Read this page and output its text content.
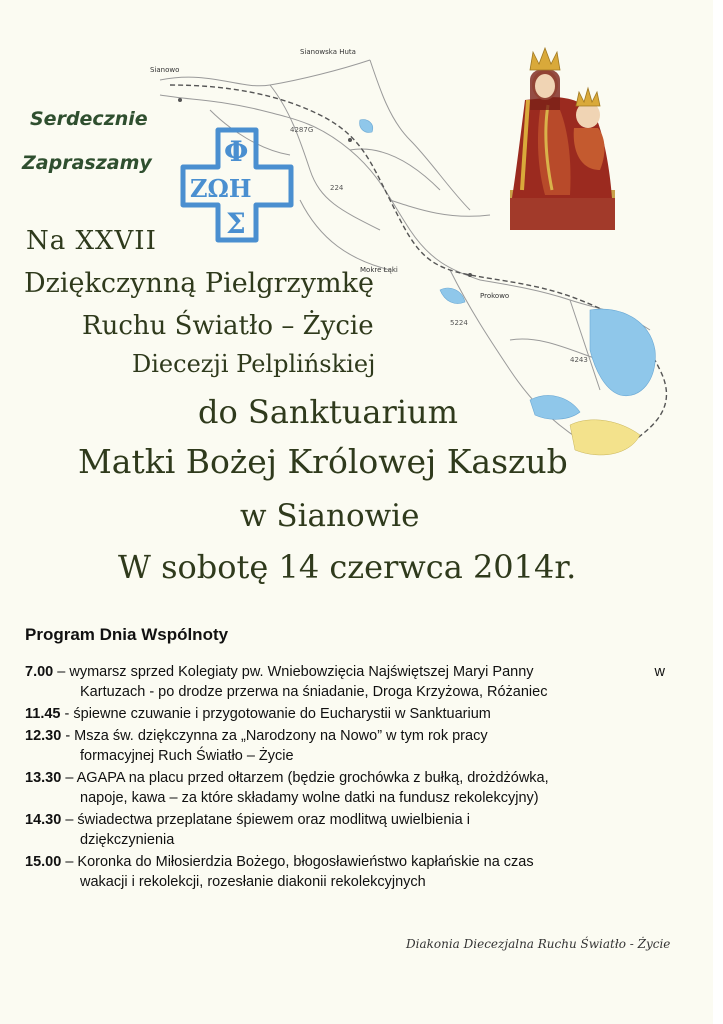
Sianowska Huta
Sianowo
Mokre Łąki
Prokowo
4287G
5224
224
4243
Serdecznie
Zapraszamy	Φ
ΖΩΗ
Σ
Na XXVII
Dziękczynną Pielgrzymkę
Ruchu Światło – Życie
Diecezji Pelplińskiej
do Sanktuarium
Matki Bożej Królowej Kaszub
w Sianowie
W sobotę 14 czerwca 2014r.
Program Dnia Wspólnoty
7.00 – wymarsz sprzed Kolegiaty pw. Wniebowzięcia Najświętszej Maryi Panny	w
Kartuzach - po drodze przerwa na śniadanie, Droga Krzyżowa, Różaniec
11.45 - śpiewne czuwanie i przygotowanie do Eucharystii w Sanktuarium
12.30 - Msza św. dziękczynna za „Narodzony na Nowo” w tym rok pracy
formacyjnej Ruch Światło – Życie
13.30 – AGAPA na placu przed ołtarzem (będzie grochówka z bułką, drożdżówka,
napoje, kawa – za które składamy wolne datki na fundusz rekolekcyjny)
14.30 – świadectwa przeplatane śpiewem oraz modlitwą uwielbienia i
dziękczynienia
15.00 – Koronka do Miłosierdzia Bożego, błogosławieństwo kapłańskie na czas
wakacji i rekolekcji, rozesłanie diakonii rekolekcyjnych
Diakonia Diecezjalna Ruchu Światło - Życie
